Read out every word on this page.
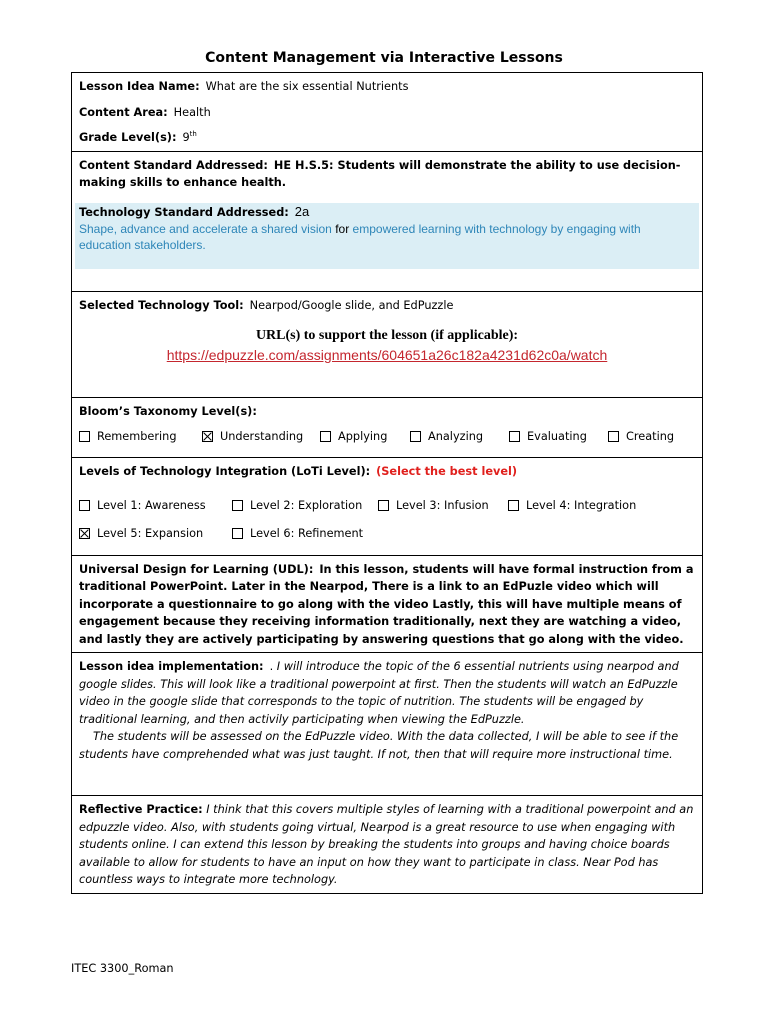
Content Management via Interactive Lessons
Lesson Idea Name: What are the six essential Nutrients
Content Area: Health
Grade Level(s): 9th

Content Standard Addressed: HE H.S.5: Students will demonstrate the ability to use decision-making skills to enhance health.
Technology Standard Addressed: 2a
Shape, advance and accelerate a shared vision for empowered learning with technology by engaging with education stakeholders.

Selected Technology Tool: Nearpod/Google slide, and EdPuzzle
URL(s) to support the lesson (if applicable):
https://edpuzzle.com/assignments/604651a26c182a4231d62c0a/watch

Bloom’s Taxonomy Level(s):
Remembering	Understanding	Applying	Analyzing	Evaluating	Creating

Levels of Technology Integration (LoTi Level): (Select the best level)
Level 1: Awareness	Level 2: Exploration	Level 3: Infusion	Level 4: Integration
Level 5: Expansion	Level 6: Refinement

Universal Design for Learning (UDL): In this lesson, students will have formal instruction from a traditional PowerPoint. Later in the Nearpod, There is a link to an EdPuzle video which will incorporate a questionnaire to go along with the video Lastly, this will have multiple means of engagement because they receiving information traditionally, next they are watching a video, and lastly they are actively participating by answering questions that go along with the video.

Lesson idea implementation: . I will introduce the topic of the 6 essential nutrients using nearpod and google slides. This will look like a traditional powerpoint at first. Then the students will watch an EdPuzzle video in the google slide that corresponds to the topic of nutrition. The students will be engaged by traditional learning, and then activily participating when viewing the EdPuzzle.
The students will be assessed on the EdPuzzle video. With the data collected, I will be able to see if the students have comprehended what was just taught. If not, then that will require more instructional time.

Reflective Practice: I think that this covers multiple styles of learning with a traditional powerpoint and an edpuzzle video. Also, with students going virtual, Nearpod is a great resource to use when engaging with students online. I can extend this lesson by breaking the students into groups and having choice boards available to allow for students to have an input on how they want to participate in class. Near Pod has countless ways to integrate more technology.
ITEC 3300_Roman
